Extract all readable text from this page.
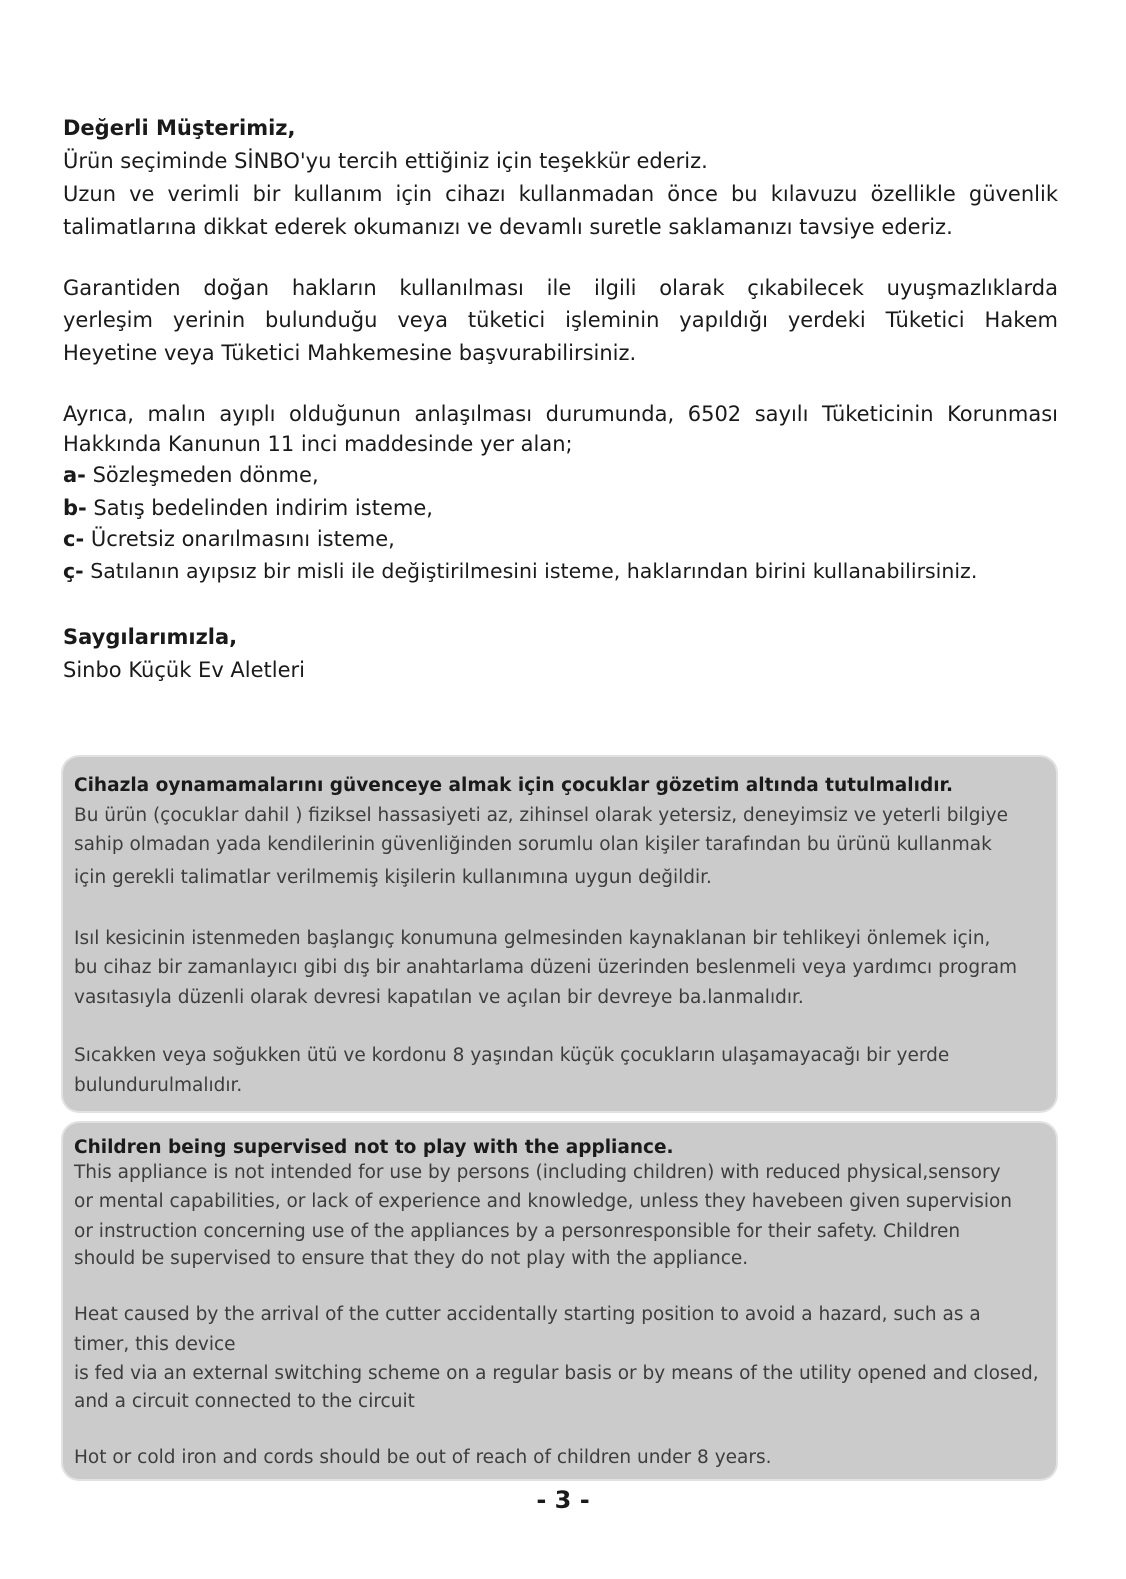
Değerli Müşterimiz,

Ürün seçiminde SİNBO'yu tercih ettiğiniz için teşekkür ederiz.

Uzun ve verimli bir kullanım için cihazı kullanmadan önce bu kılavuzu özellikle güvenlik

talimatlarına dikkat ederek okumanızı ve devamlı suretle saklamanızı tavsiye ederiz.

Garantiden doğan hakların kullanılması ile ilgili olarak çıkabilecek uyuşmazlıklarda

yerleşim yerinin bulunduğu veya tüketici işleminin yapıldığı yerdeki Tüketici Hakem

Heyetine veya Tüketici Mahkemesine başvurabilirsiniz.

Ayrıca, malın ayıplı olduğunun anlaşılması durumunda, 6502 sayılı Tüketicinin Korunması

Hakkında Kanunun 11 inci maddesinde yer alan;

a- Sözleşmeden dönme,

b- Satış bedelinden indirim isteme,

c- Ücretsiz onarılmasını isteme,

ç- Satılanın ayıpsız bir misli ile değiştirilmesini isteme, haklarından birini kullanabilirsiniz.

Saygılarımızla,

Sinbo Küçük Ev Aletleri

Cihazla oynamamalarını güvenceye almak için çocuklar gözetim altında tutulmalıdır.

Bu ürün (çocuklar dahil ) fiziksel hassasiyeti az, zihinsel olarak yetersiz, deneyimsiz ve yeterli bilgiye

sahip olmadan yada kendilerinin güvenliğinden sorumlu olan kişiler tarafından bu ürünü kullanmak

için gerekli talimatlar verilmemiş kişilerin kullanımına uygun değildir.

Isıl kesicinin istenmeden başlangıç konumuna gelmesinden kaynaklanan bir tehlikeyi önlemek için,

bu cihaz bir zamanlayıcı gibi dış bir anahtarlama düzeni üzerinden beslenmeli veya yardımcı program

vasıtasıyla düzenli olarak devresi kapatılan ve açılan bir devreye ba.lanmalıdır.

Sıcakken veya soğukken ütü ve kordonu 8 yaşından küçük çocukların ulaşamayacağı bir yerde

bulundurulmalıdır.

Children being supervised not to play with the appliance.

This appliance is not intended for use by persons (including children) with reduced physical,sensory

or mental capabilities, or lack of experience and knowledge, unless they havebeen given supervision

or instruction concerning use of the appliances by a personresponsible for their safety. Children

should be supervised to ensure that they do not play with the appliance.

Heat caused by the arrival of the cutter accidentally starting position to avoid a hazard, such as a

timer, this device

is fed via an external switching scheme on a regular basis or by means of the utility opened and closed,

and a circuit connected to the circuit

Hot or cold iron and cords should be out of reach of children under 8 years.

- 3 -
